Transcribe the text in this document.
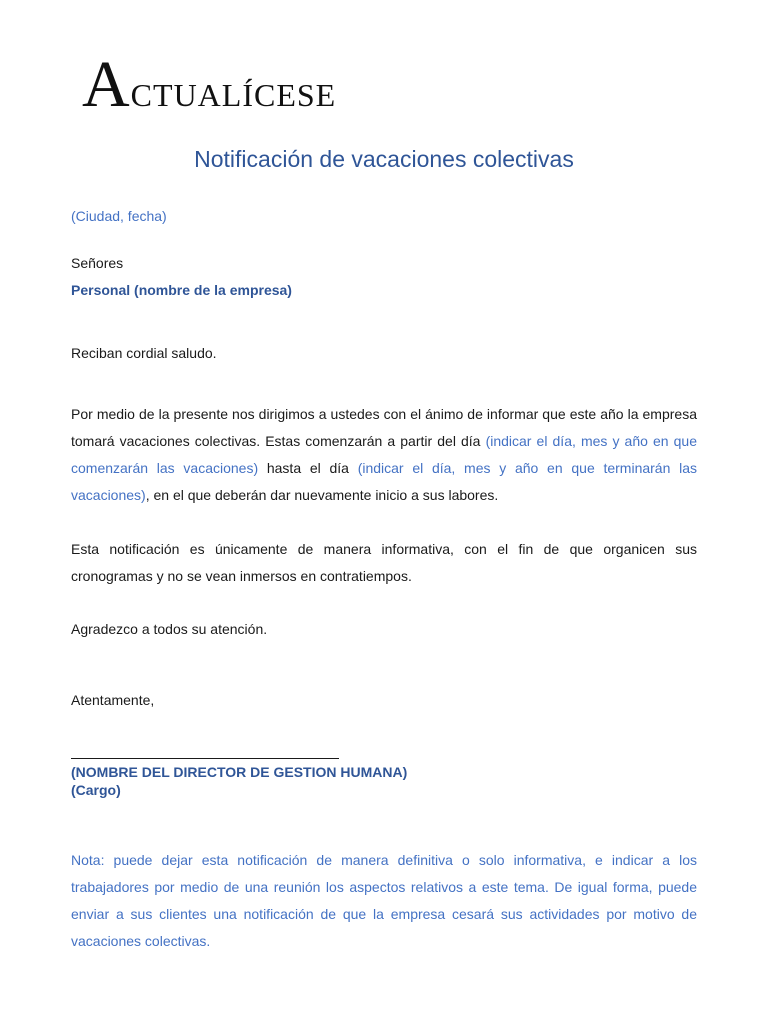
Actualícese
Notificación de vacaciones colectivas
(Ciudad, fecha)
Señores
Personal (nombre de la empresa)
Reciban cordial saludo.
Por medio de la presente nos dirigimos a ustedes con el ánimo de informar que este año la empresa tomará vacaciones colectivas. Estas comenzarán a partir del día (indicar el día, mes y año en que comenzarán las vacaciones) hasta el día (indicar el día, mes y año en que terminarán las vacaciones), en el que deberán dar nuevamente inicio a sus labores.
Esta notificación es únicamente de manera informativa, con el fin de que organicen sus cronogramas y no se vean inmersos en contratiempos.
Agradezco a todos su atención.
Atentamente,
(NOMBRE DEL DIRECTOR DE GESTION HUMANA)
(Cargo)
Nota: puede dejar esta notificación de manera definitiva o solo informativa, e indicar a los trabajadores por medio de una reunión los aspectos relativos a este tema. De igual forma, puede enviar a sus clientes una notificación de que la empresa cesará sus actividades por motivo de vacaciones colectivas.
